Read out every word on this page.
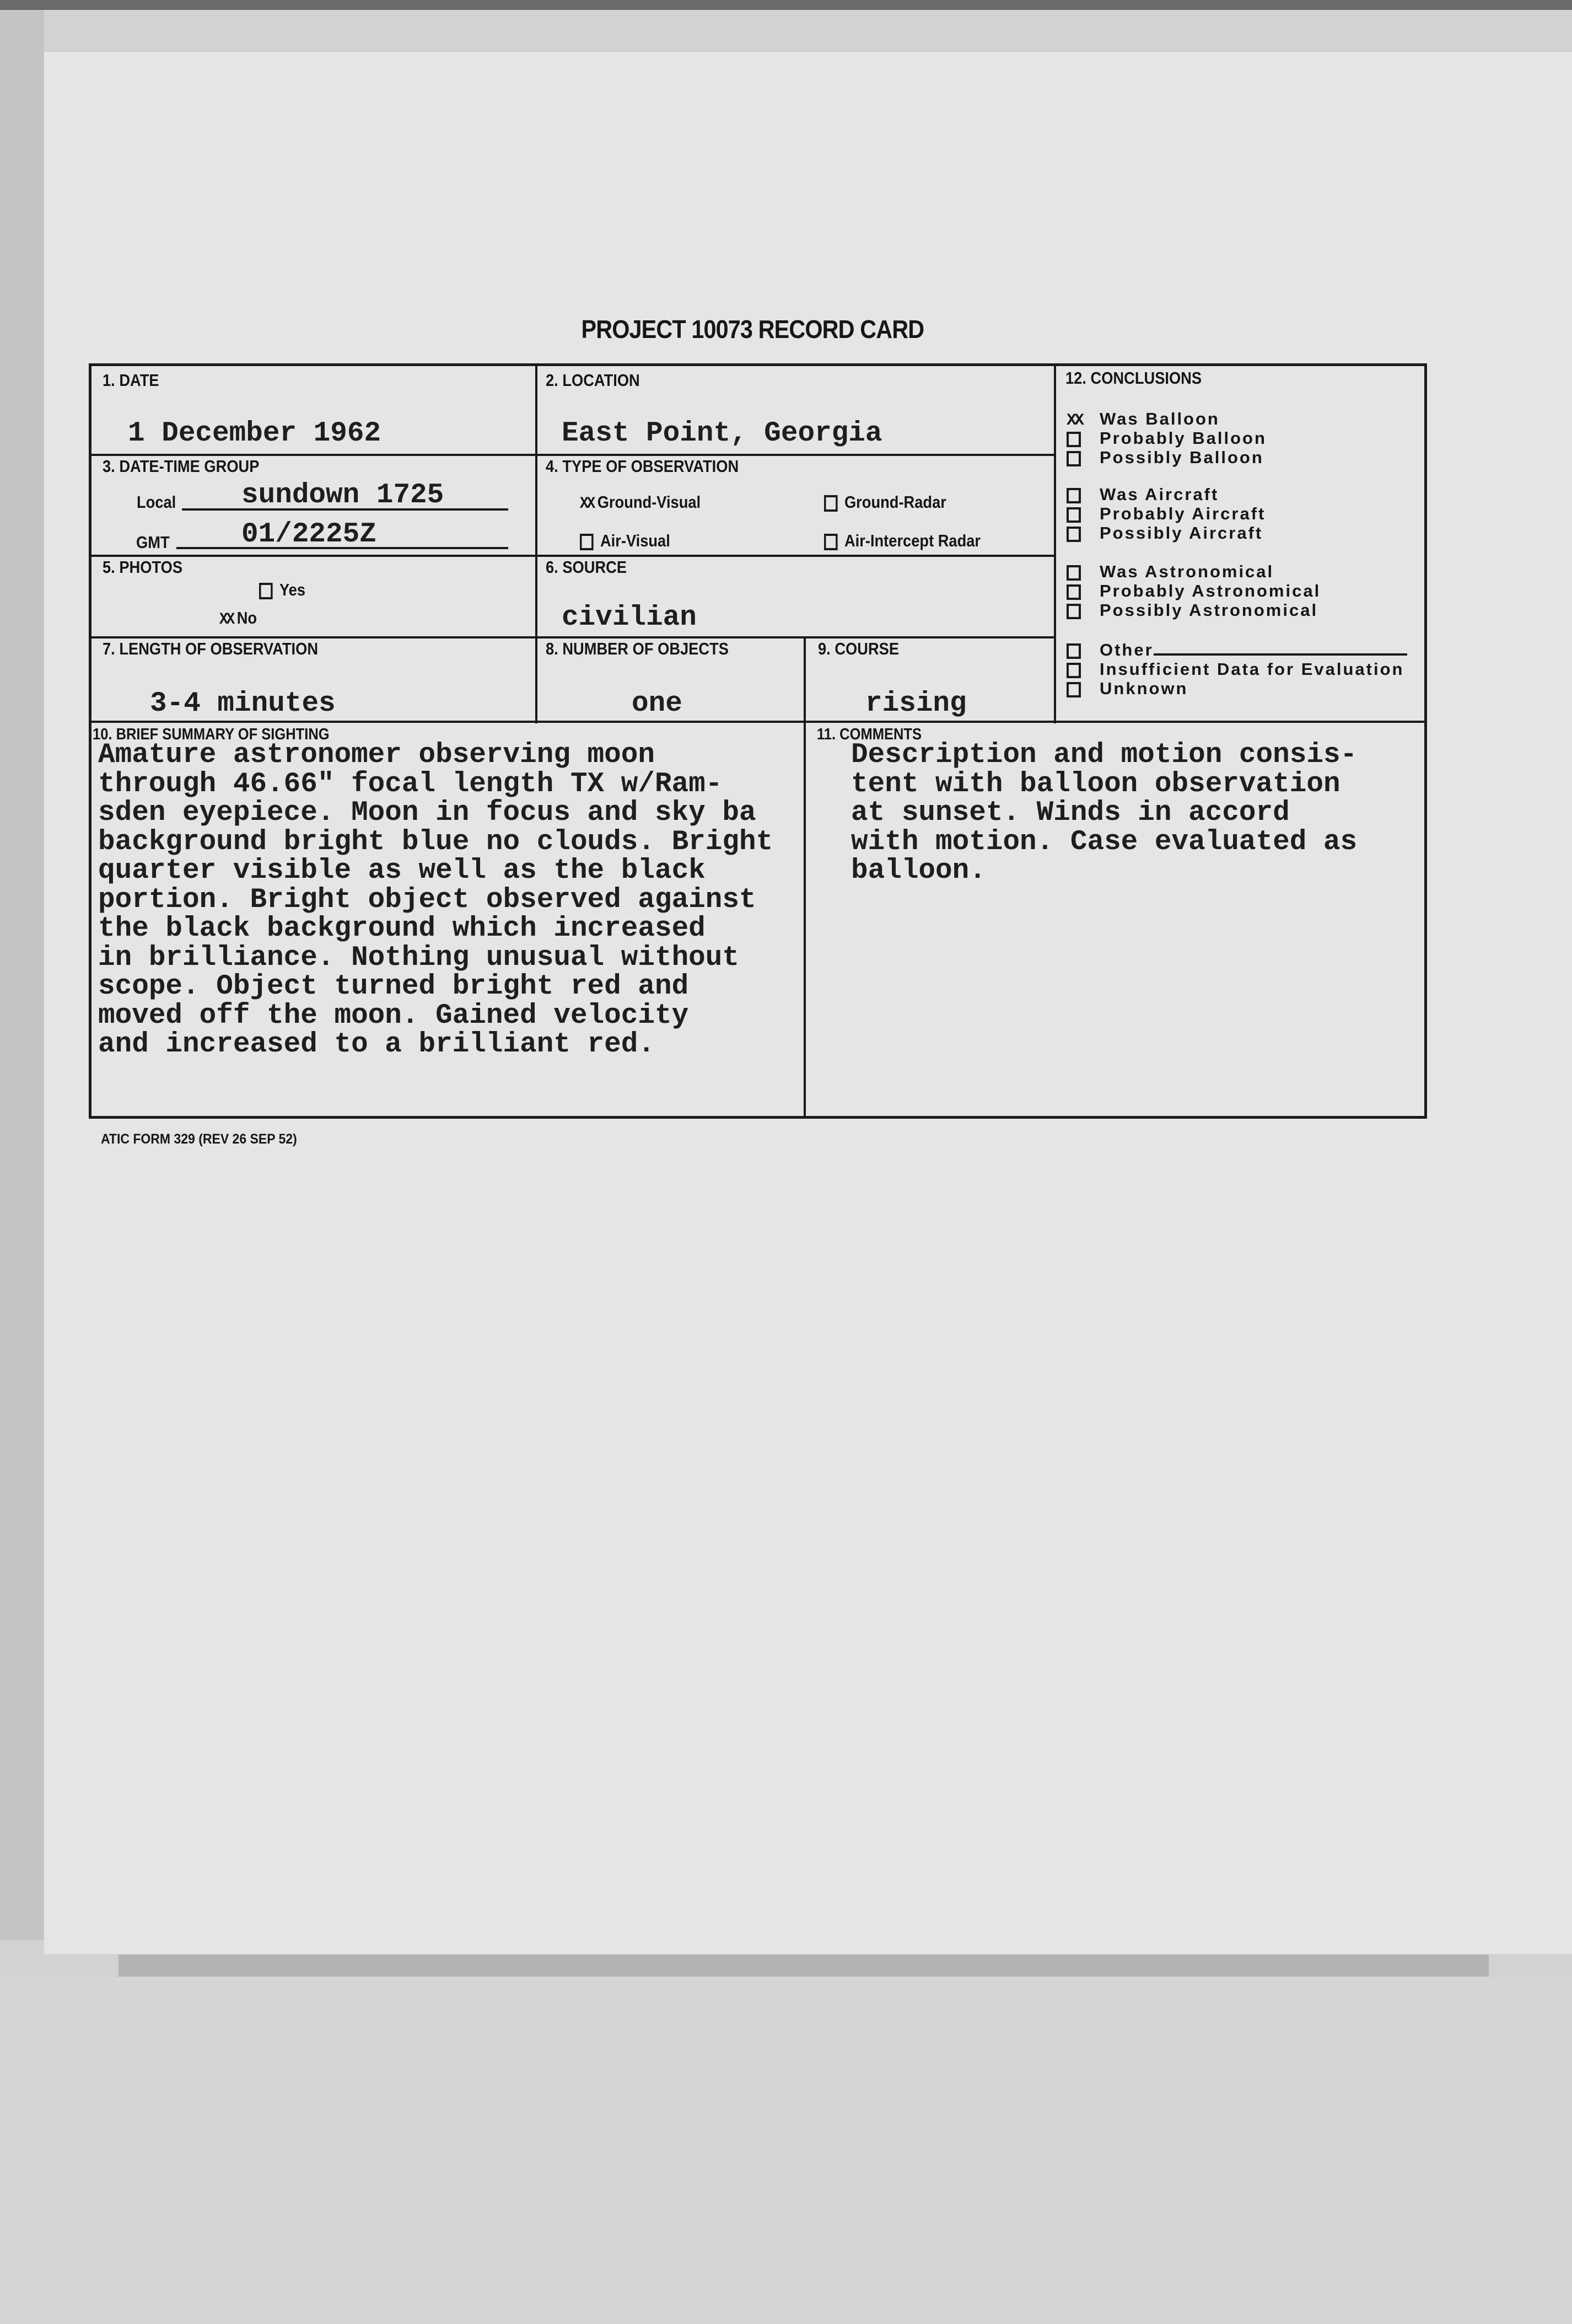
PROJECT 10073 RECORD CARD
1. DATE
1 December 1962
2. LOCATION
East Point, Georgia
3. DATE-TIME GROUP
Local sundown 1725
GMT	01/2225Z
4. TYPE OF OBSERVATION
XX Ground-Visual	Ground-Radar
Air-Visual	Air-Intercept Radar
5. PHOTOS
Yes
XX No
6. SOURCE
civilian
7. LENGTH OF OBSERVATION
3-4 minutes
8. NUMBER OF OBJECTS
one
9. COURSE
rising
12. CONCLUSIONS
XX Was Balloon
Probably Balloon
Possibly Balloon
Was Aircraft
Probably Aircraft
Possibly Aircraft
Was Astronomical
Probably Astronomical
Possibly Astronomical
Other
Insufficient Data for Evaluation
Unknown
10. BRIEF SUMMARY OF SIGHTING
Amature astronomer observing moon
through 46.66" focal length TX w/Ram-
sden eyepiece. Moon in focus and sky ba
background bright blue no clouds. Bright
quarter visible as well as the black
portion. Bright object observed against
the black background which increased
in brilliance. Nothing unusual without
scope. Object turned bright red and
moved off the moon. Gained velocity
and increased to a brilliant red.
11. COMMENTS
Description and motion consis-
tent with balloon observation
at sunset. Winds in accord
with motion. Case evaluated as
balloon.
ATIC FORM 329 (REV 26 SEP 52)
